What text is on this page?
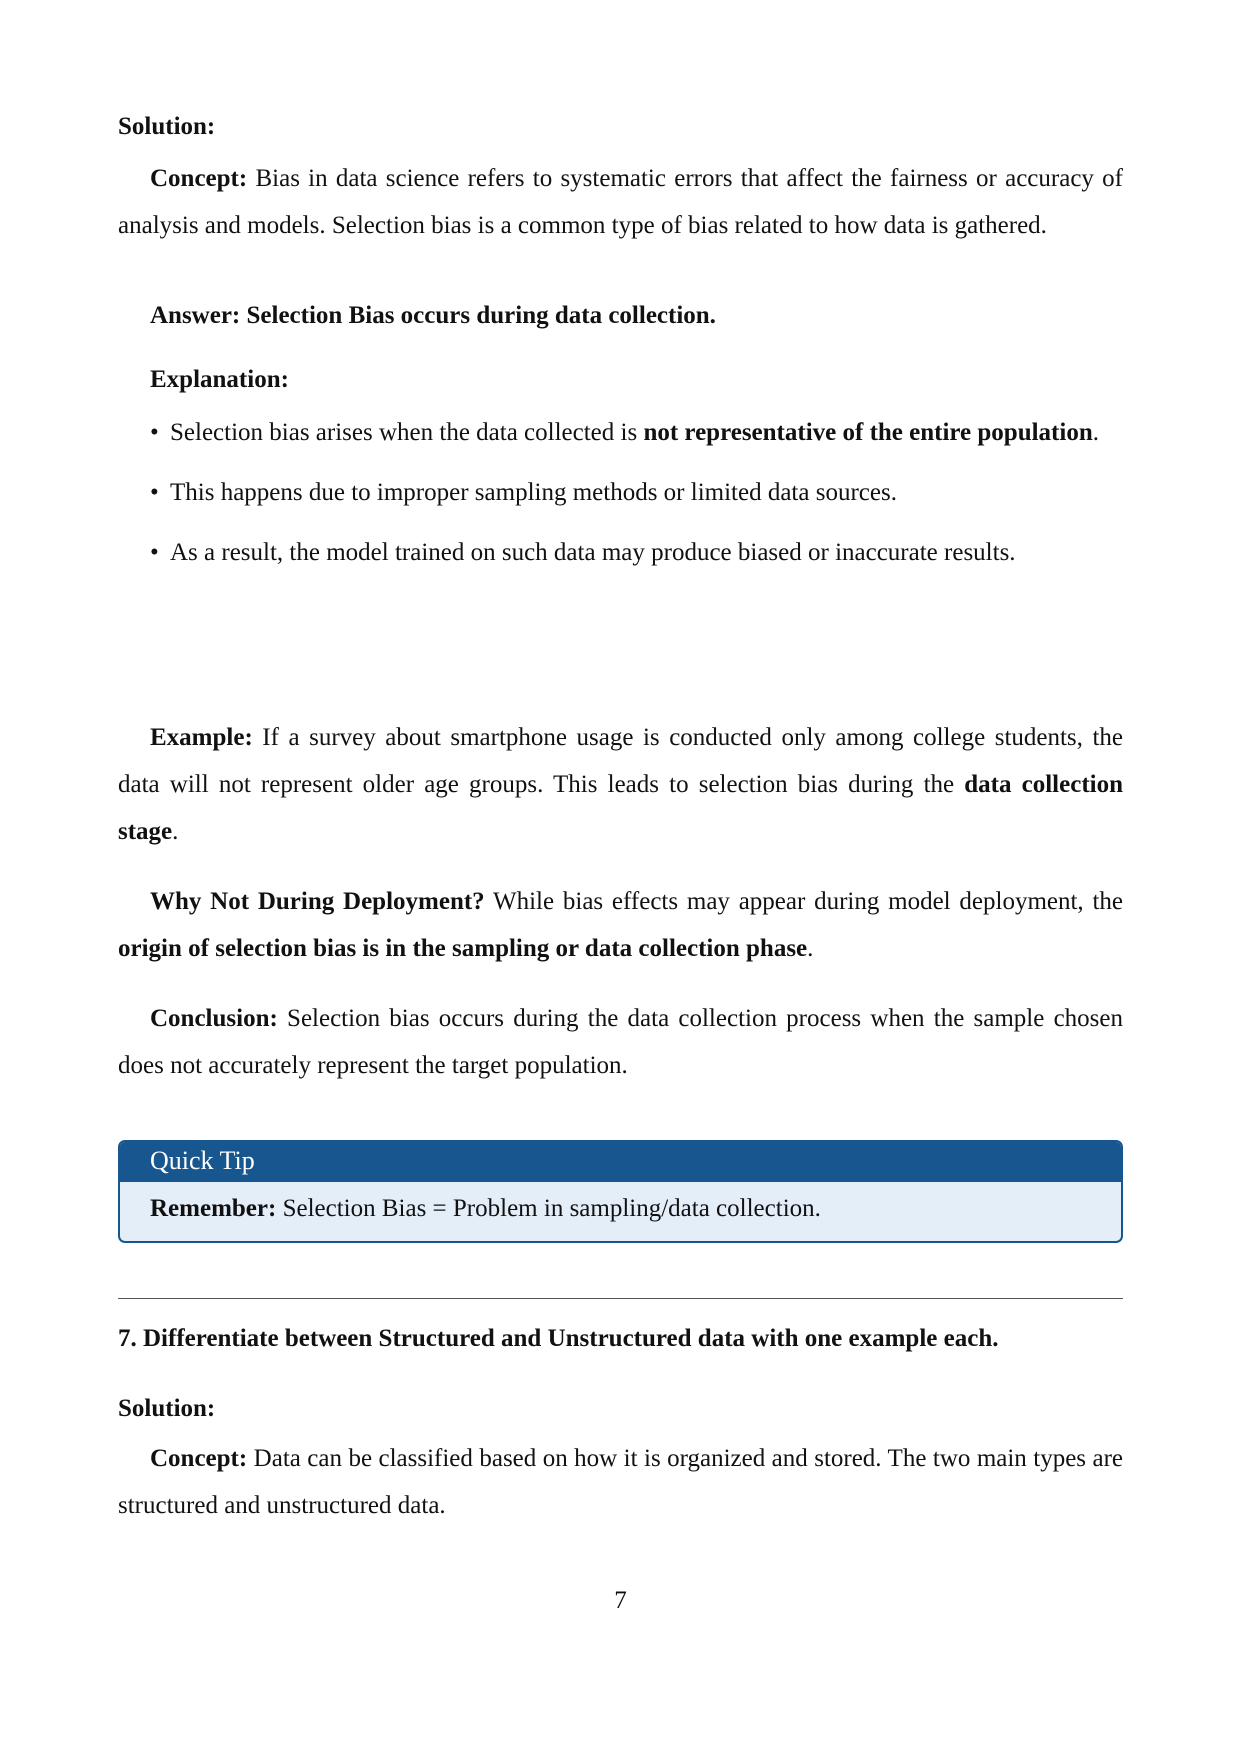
Solution:

Concept: Bias in data science refers to systematic errors that affect the fairness or accuracy of analysis and models. Selection bias is a common type of bias related to how data is gathered.

Answer: Selection Bias occurs during data collection.
Explanation:
• Selection bias arises when the data collected is not representative of the entire population.
• This happens due to improper sampling methods or limited data sources.
• As a result, the model trained on such data may produce biased or inaccurate results.

Example: If a survey about smartphone usage is conducted only among college students, the data will not represent older age groups. This leads to selection bias during the data collection stage.

Why Not During Deployment? While bias effects may appear during model deployment, the origin of selection bias is in the sampling or data collection phase.

Conclusion: Selection bias occurs during the data collection process when the sample chosen does not accurately represent the target population.

Quick Tip
Remember: Selection Bias = Problem in sampling/data collection.
7. Differentiate between Structured and Unstructured data with one example each.
Solution:

Concept: Data can be classified based on how it is organized and stored. The two main types are structured and unstructured data.

7
